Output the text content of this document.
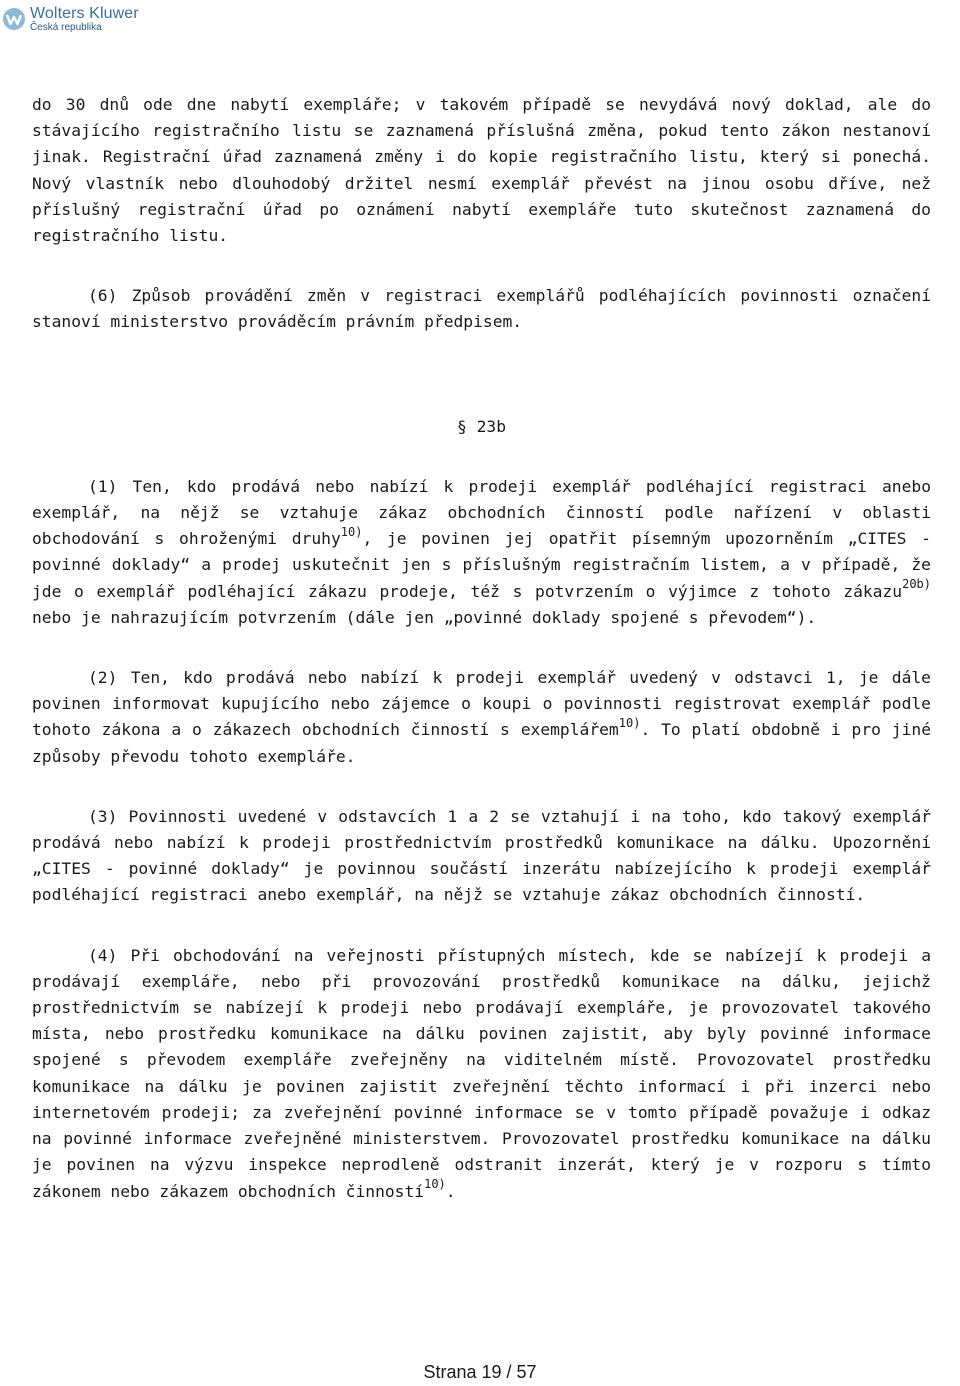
Wolters Kluwer
Česká republika

do 30 dnů ode dne nabytí exempláře; v takovém případě se nevydává nový doklad, ale do stávajícího registračního listu se zaznamená příslušná změna, pokud tento zákon nestanoví jinak. Registrační úřad zaznamená změny i do kopie registračního listu, který si ponechá. Nový vlastník nebo dlouhodobý držitel nesmí exemplář převést na jinou osobu dříve, než příslušný registrační úřad po oznámení nabytí exempláře tuto skutečnost zaznamená do registračního listu.

(6) Způsob provádění změn v registraci exemplářů podléhajících povinnosti označení stanoví ministerstvo prováděcím právním předpisem.

§ 23b

(1) Ten, kdo prodává nebo nabízí k prodeji exemplář podléhající registraci anebo exemplář, na nějž se vztahuje zákaz obchodních činností podle nařízení v oblasti obchodování s ohroženými druhy$^{10)}$, je povinen jej opatřit písemným upozorněním „CITES - povinné doklady“ a prodej uskutečnit jen s příslušným registračním listem, a v případě, že jde o exemplář podléhající zákazu prodeje, též s potvrzením o výjimce z tohoto zákazu$^{20b)}$ nebo je nahrazujícím potvrzením (dále jen „povinné doklady spojené s převodem“).

(2) Ten, kdo prodává nebo nabízí k prodeji exemplář uvedený v odstavci 1, je dále povinen informovat kupujícího nebo zájemce o koupi o povinnosti registrovat exemplář podle tohoto zákona a o zákazech obchodních činností s exemplářem$^{10)}$. To platí obdobně i pro jiné způsoby převodu tohoto exempláře.

(3) Povinnosti uvedené v odstavcích 1 a 2 se vztahují i na toho, kdo takový exemplář prodává nebo nabízí k prodeji prostřednictvím prostředků komunikace na dálku. Upozornění „CITES - povinné doklady“ je povinnou součástí inzerátu nabízejícího k prodeji exemplář podléhající registraci anebo exemplář, na nějž se vztahuje zákaz obchodních činností.

(4) Při obchodování na veřejnosti přístupných místech, kde se nabízejí k prodeji a prodávají exempláře, nebo při provozování prostředků komunikace na dálku, jejichž prostřednictvím se nabízejí k prodeji nebo prodávají exempláře, je provozovatel takového místa, nebo prostředku komunikace na dálku povinen zajistit, aby byly povinné informace spojené s převodem exempláře zveřejněny na viditelném místě. Provozovatel prostředku komunikace na dálku je povinen zajistit zveřejnění těchto informací i při inzerci nebo internetovém prodeji; za zveřejnění povinné informace se v tomto případě považuje i odkaz na povinné informace zveřejněné ministerstvem. Provozovatel prostředku komunikace na dálku je povinen na výzvu inspekce neprodleně odstranit inzerát, který je v rozporu s tímto zákonem nebo zákazem obchodních činností$^{10)}$.

Strana 19 / 57
